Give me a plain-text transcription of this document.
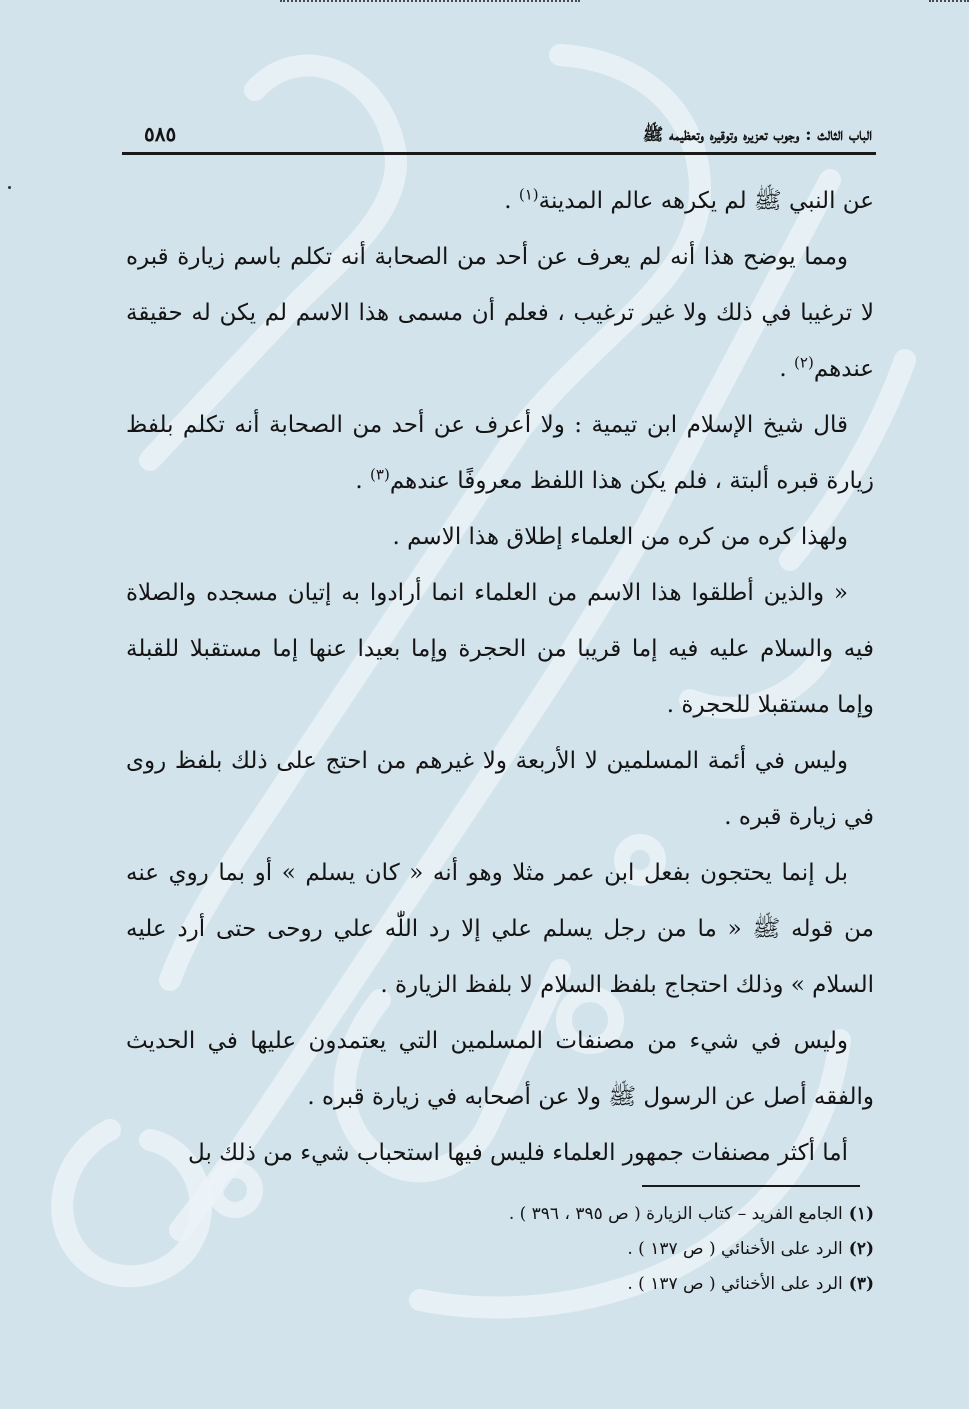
الباب الثالث : وجوب تعزيره وتوقيره وتعظيمه ﷺ
٥٨٥

عن النبي ﷺ لم يكرهه عالم المدينة$^{(١)}$ .

ومما يوضح هذا أنه لم يعرف عن أحد من الصحابة أنه تكلم باسم زيارة قبره لا ترغيبا في ذلك ولا غير ترغيب ، فعلم أن مسمى هذا الاسم لم يكن له حقيقة عندهم$^{(٢)}$ .

قال شيخ الإسلام ابن تيمية : ولا أعرف عن أحد من الصحابة أنه تكلم بلفظ زيارة قبره ألبتة ، فلم يكن هذا اللفظ معروفًا عندهم$^{(٣)}$ .

ولهذا كره من كره من العلماء إطلاق هذا الاسم .

« والذين أطلقوا هذا الاسم من العلماء انما أرادوا به إتيان مسجده والصلاة فيه والسلام عليه فيه إما قريبا من الحجرة وإما بعيدا عنها إما مستقبلا للقبلة وإما مستقبلا للحجرة .

وليس في أئمة المسلمين لا الأربعة ولا غيرهم من احتج على ذلك بلفظ روى في زيارة قبره .

بل إنما يحتجون بفعل ابن عمر مثلا وهو أنه « كان يسلم » أو بما روي عنه من قوله ﷺ « ما من رجل يسلم علي إلا رد اللّٰه علي روحى حتى أرد عليه السلام » وذلك احتجاج بلفظ السلام لا بلفظ الزيارة .

وليس في شيء من مصنفات المسلمين التي يعتمدون عليها في الحديث والفقه أصل عن الرسول ﷺ ولا عن أصحابه في زيارة قبره .

أما أكثر مصنفات جمهور العلماء فليس فيها استحباب شيء من ذلك بل

(١)الجامع الفريد – كتاب الزيارة ( ص ٣٩٥ ، ٣٩٦ ) .
(٢)الرد على الأخنائي ( ص ١٣٧ ) .
(٣)الرد على الأخنائي ( ص ١٣٧ ) .
